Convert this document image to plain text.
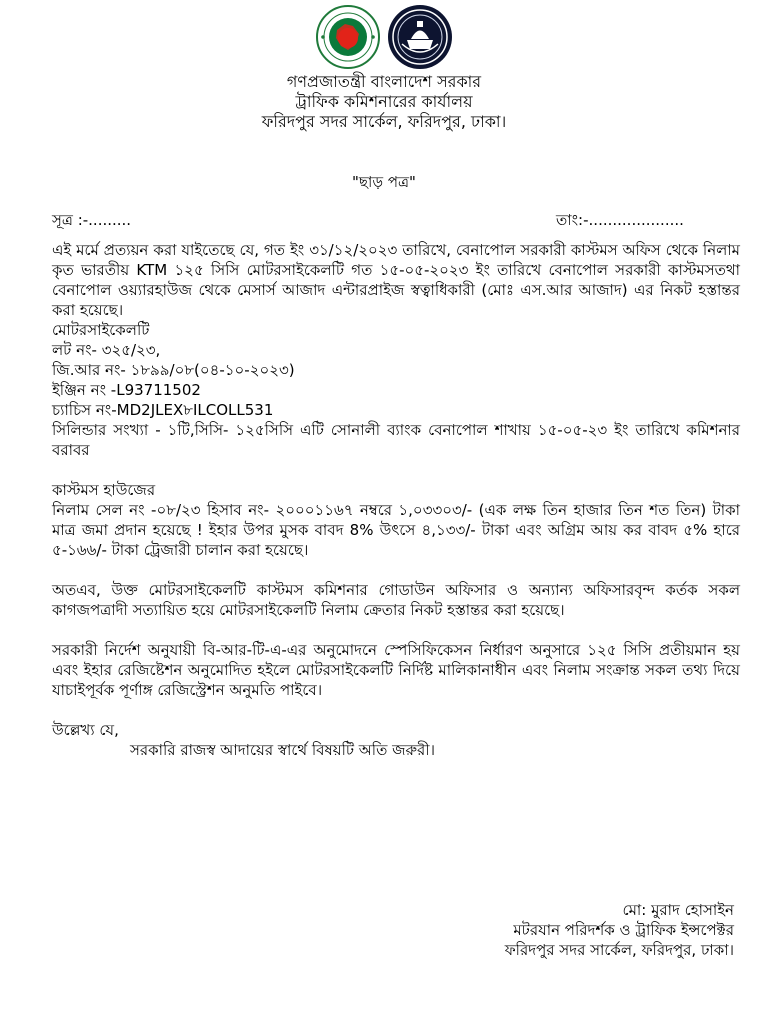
গণপ্রজাতন্ত্রী বাংলাদেশ সরকার
ট্রাফিক কমিশনারের কার্যালয়
ফরিদপুর সদর সার্কেল, ফরিদপুর, ঢাকা।
"ছাড় পত্র"
সূত্র :-.........	তাং:-....................

এই মর্মে প্রত্যয়ন করা যাইতেছে যে, গত ইং ৩১/১২/২০২৩ তারিখে, বেনাপোল সরকারী কাস্টমস অফিস থেকে নিলাম কৃত ভারতীয় KTM ১২৫ সিসি মোটরসাইকেলটি গত ১৫-০৫-২০২৩ ইং তারিখে বেনাপোল সরকারী কাস্টমসতথা বেনাপোল ওয়্যারহাউজ থেকে মেসার্স আজাদ এন্টারপ্রাইজ স্বত্বাধিকারী (মোঃ এস.আর আজাদ) এর নিকট হস্তান্তর করা হয়েছে।

মোটরসাইকেলটি

লট নং- ৩২৫/২৩,

জি.আর নং- ১৮৯৯/০৮(০৪-১০-২০২৩)

ইঞ্জিন নং -L93711502

চ্যাচিস নং-MD2JLEX৮ILCOLL531

সিলিন্ডার সংখ্যা - ১টি,সিসি- ১২৫সিসি এটি সোনালী ব্যাংক বেনাপোল শাখায় ১৫-০৫-২৩ ইং তারিখে কমিশনার বরাবর

কাস্টমস হাউজের

নিলাম সেল নং -০৮/২৩ হিসাব নং- ২০০০১১৬৭ নম্বরে ১,০৩৩০৩/- (এক লক্ষ তিন হাজার তিন শত তিন) টাকা মাত্র জমা প্রদান হয়েছে ! ইহার উপর মুসক বাবদ 8% উৎসে ৪,১৩৩/- টাকা এবং অগ্রিম আয় কর বাবদ ৫% হারে ৫-১৬৬/- টাকা ট্রেজারী চালান করা হয়েছে।

অতএব, উক্ত মোটরসাইকেলটি কাস্টমস কমিশনার গোডাউন অফিসার ও অন্যান্য অফিসারবৃন্দ কর্তক সকল কাগজপত্রাদী সত্যায়িত হয়ে মোটরসাইকেলটি নিলাম ক্রেতার নিকট হস্তান্তর করা হয়েছে।

সরকারী নির্দেশ অনুযায়ী বি-আর-টি-এ-এর অনুমোদনে স্পেসিফিকেসন নির্ধারণ অনুসারে ১২৫ সিসি প্রতীয়মান হয় এবং ইহার রেজিষ্টেশন অনুমোদিত হইলে মোটরসাইকেলটি নির্দিষ্ট মালিকানাধীন এবং নিলাম সংক্রান্ত সকল তথ্য দিয়ে যাচাইপূর্বক পূর্ণাঙ্গ রেজিস্ট্রেশন অনুমতি পাইবে।

উল্লেখ্য যে,

সরকারি রাজস্ব আদায়ের স্বার্থে বিষয়টি অতি জরুরী।

মো: মুরাদ হোসাইন
মটরযান পরিদর্শক ও ট্রাফিক ইন্সপেক্টর
ফরিদপুর সদর সার্কেল, ফরিদপুর, ঢাকা।
